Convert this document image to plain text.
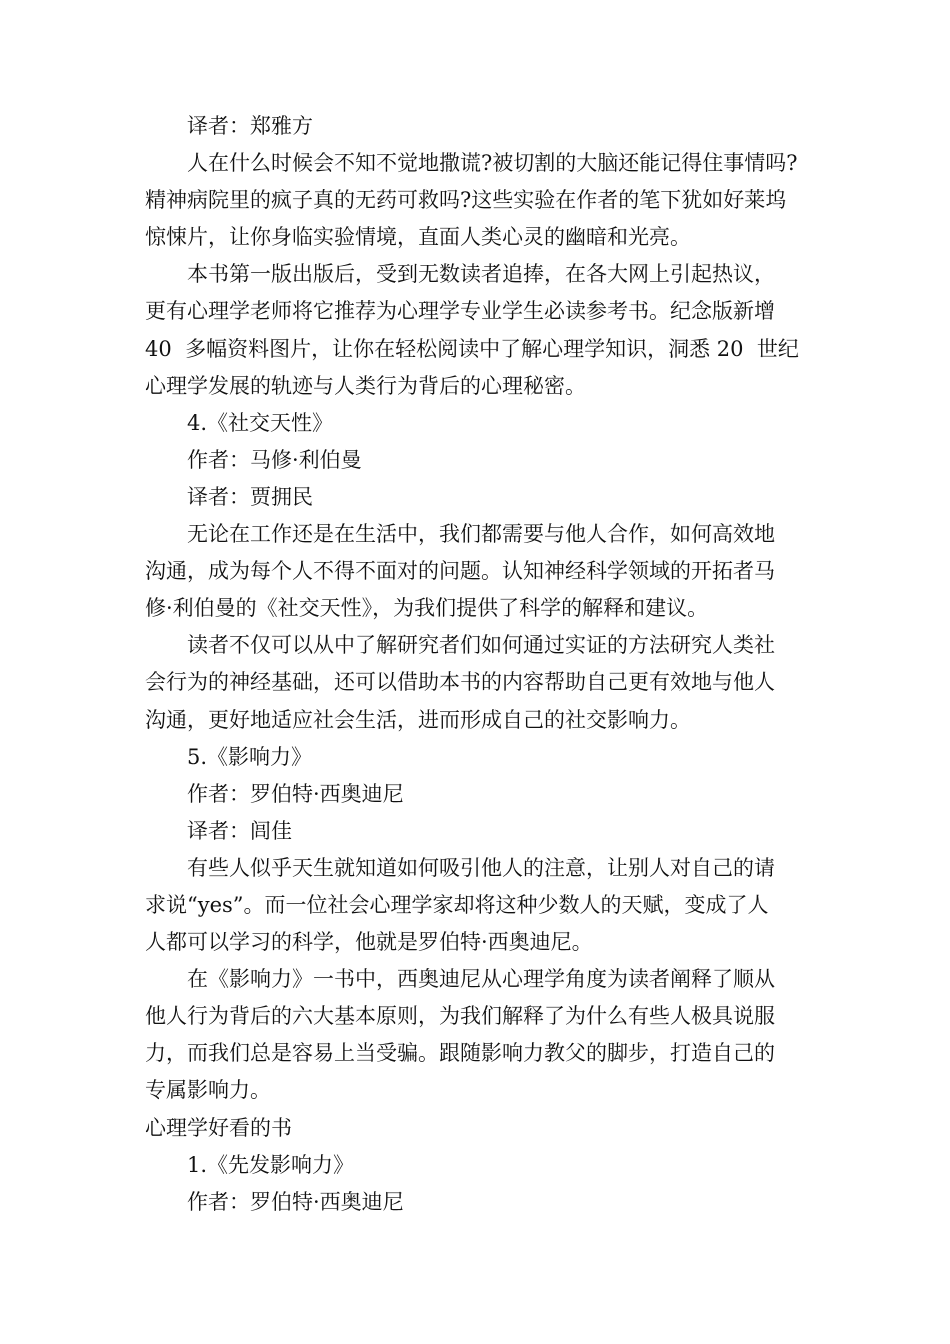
译者：郑雅方
人在什么时候会不知不觉地撒谎?被切割的大脑还能记得住事情吗?
精神病院里的疯子真的无药可救吗?这些实验在作者的笔下犹如好莱坞
惊悚片，让你身临实验情境，直面人类心灵的幽暗和光亮。
本书第一版出版后，受到无数读者追捧，在各大网上引起热议，
更有心理学老师将它推荐为心理学专业学生必读参考书。纪念版新增
40  多幅资料图片，让你在轻松阅读中了解心理学知识，洞悉 20  世纪
心理学发展的轨迹与人类行为背后的心理秘密。
4.《社交天性》
作者：马修·利伯曼
译者：贾拥民
无论在工作还是在生活中，我们都需要与他人合作，如何高效地
沟通，成为每个人不得不面对的问题。认知神经科学领域的开拓者马
修·利伯曼的《社交天性》，为我们提供了科学的解释和建议。
读者不仅可以从中了解研究者们如何通过实证的方法研究人类社
会行为的神经基础，还可以借助本书的内容帮助自己更有效地与他人
沟通，更好地适应社会生活，进而形成自己的社交影响力。
5.《影响力》
作者：罗伯特·西奥迪尼
译者：闾佳
有些人似乎天生就知道如何吸引他人的注意，让别人对自己的请
求说“yes”。而一位社会心理学家却将这种少数人的天赋，变成了人
人都可以学习的科学，他就是罗伯特·西奥迪尼。
在《影响力》一书中，西奥迪尼从心理学角度为读者阐释了顺从
他人行为背后的六大基本原则，为我们解释了为什么有些人极具说服
力，而我们总是容易上当受骗。跟随影响力教父的脚步，打造自己的
专属影响力。
心理学好看的书
1.《先发影响力》
作者：罗伯特·西奥迪尼
